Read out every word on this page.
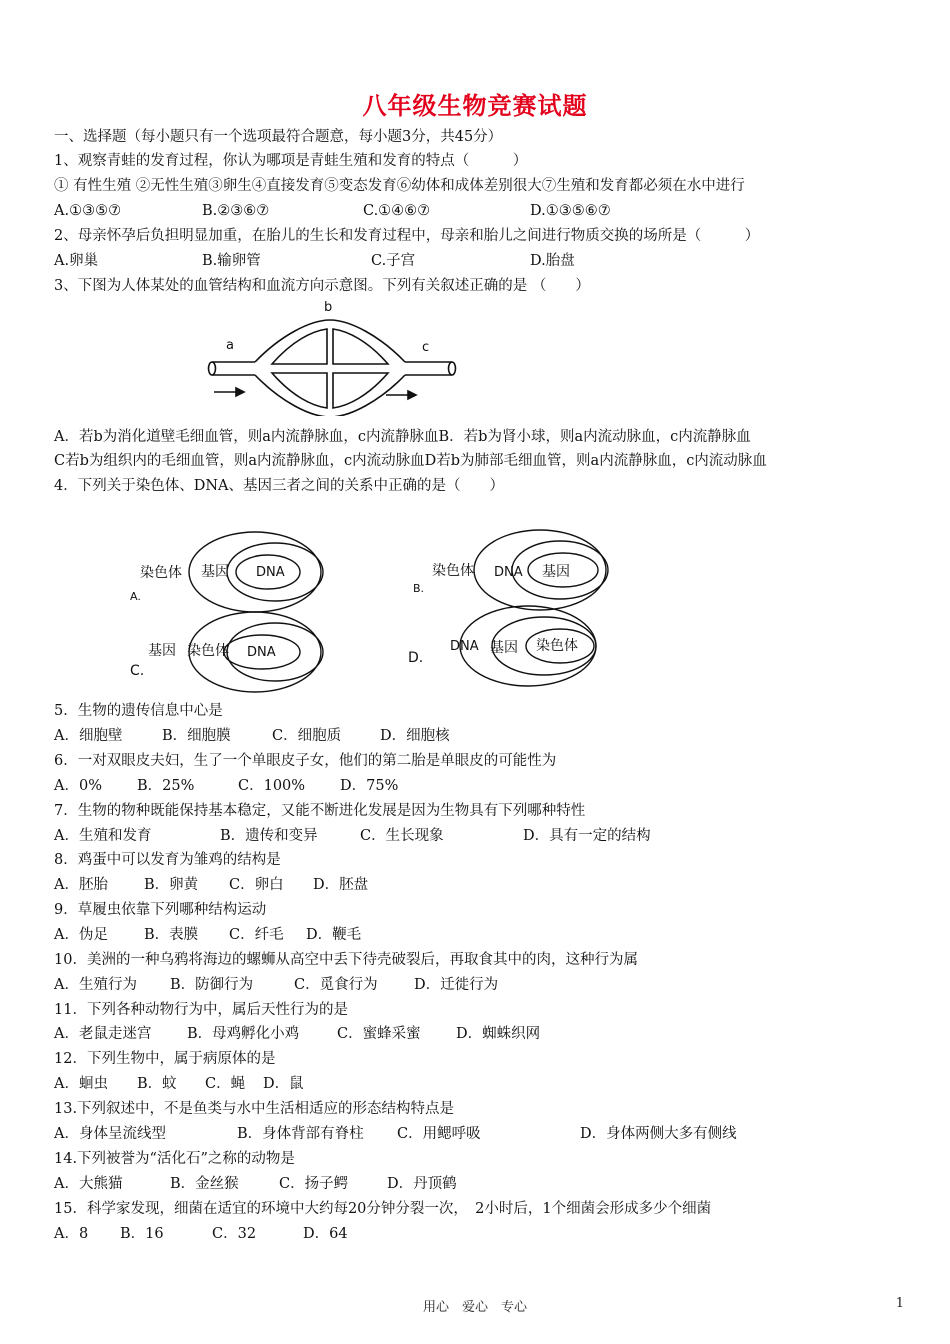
八年级生物竞赛试题
一、选择题（每小题只有一个选项最符合题意，每小题3分，共45分）
1、观察青蛙的发育过程，你认为哪项是青蛙生殖和发育的特点（　　　）
① 有性生殖 ②无性生殖③卵生④直接发育⑤变态发育⑥幼体和成体差别很大⑦生殖和发育都必须在水中进行
A.①③⑤⑦	B.②③⑥⑦	C.①④⑥⑦	D.①③⑤⑥⑦
2、母亲怀孕后负担明显加重，在胎儿的生长和发育过程中，母亲和胎儿之间进行物质交换的场所是（　　　）
A.卵巢	B.输卵管	C.子宫	D.胎盘
3、下图为人体某处的血管结构和血流方向示意图。下列有关叙述正确的是 （　　）
b
a	c
A．若b为消化道壁毛细血管，则a内流静脉血，c内流静脉血B．若b为肾小球，则a内流动脉血，c内流静脉血
C若b为组织内的毛细血管，则a内流静脉血，c内流动脉血D若b为肺部毛细血管，则a内流静脉血，c内流动脉血
4．下列关于染色体、DNA、基因三者之间的关系中正确的是（　　）
染色体 基因 DNA
A.
染色体 DNA 基因
B.
基因 染色体 DNA
C.
DNA 基因 染色体
D.
5．生物的遗传信息中心是
A．细胞壁	B．细胞膜	C．细胞质	D．细胞核
6．一对双眼皮夫妇，生了一个单眼皮子女，他们的第二胎是单眼皮的可能性为
A．0% B．25%	C．100% D．75%
7．生物的物种既能保持基本稳定，又能不断进化发展是因为生物具有下列哪种特性
A．生殖和发育	B．遗传和变异	C．生长现象	D．具有一定的结构
8．鸡蛋中可以发育为雏鸡的结构是
A．胚胎 B．卵黄 C．卵白 D．胚盘
9．草履虫依靠下列哪种结构运动
A．伪足 B．表膜 C．纤毛 D．鞭毛
10．美洲的一种乌鸦将海边的螺蛳从高空中丢下待壳破裂后，再取食其中的肉，这种行为属
A．生殖行为 B．防御行为	C．觅食行为	D．迁徙行为
11．下列各种动物行为中，属后天性行为的是
A．老鼠走迷宫 B．母鸡孵化小鸡	C．蜜蜂采蜜 D．蜘蛛织网
12．下列生物中，属于病原体的是
A．蛔虫 B．蚊 C．蝇 D．鼠
13.下列叙述中，不是鱼类与水中生活相适应的形态结构特点是
A．身体呈流线型	B．身体背部有脊柱 C．用鳃呼吸	D．身体两侧大多有侧线
14.下列被誉为“活化石”之称的动物是
A．大熊猫	B．金丝猴	C．扬子鳄	D．丹顶鹤
15．科学家发现，细菌在适宜的环境中大约每20分钟分裂一次，　2小时后，1个细菌会形成多少个细菌
A．8 B．16	C．32	D．64
用心　爱心　专心	1
